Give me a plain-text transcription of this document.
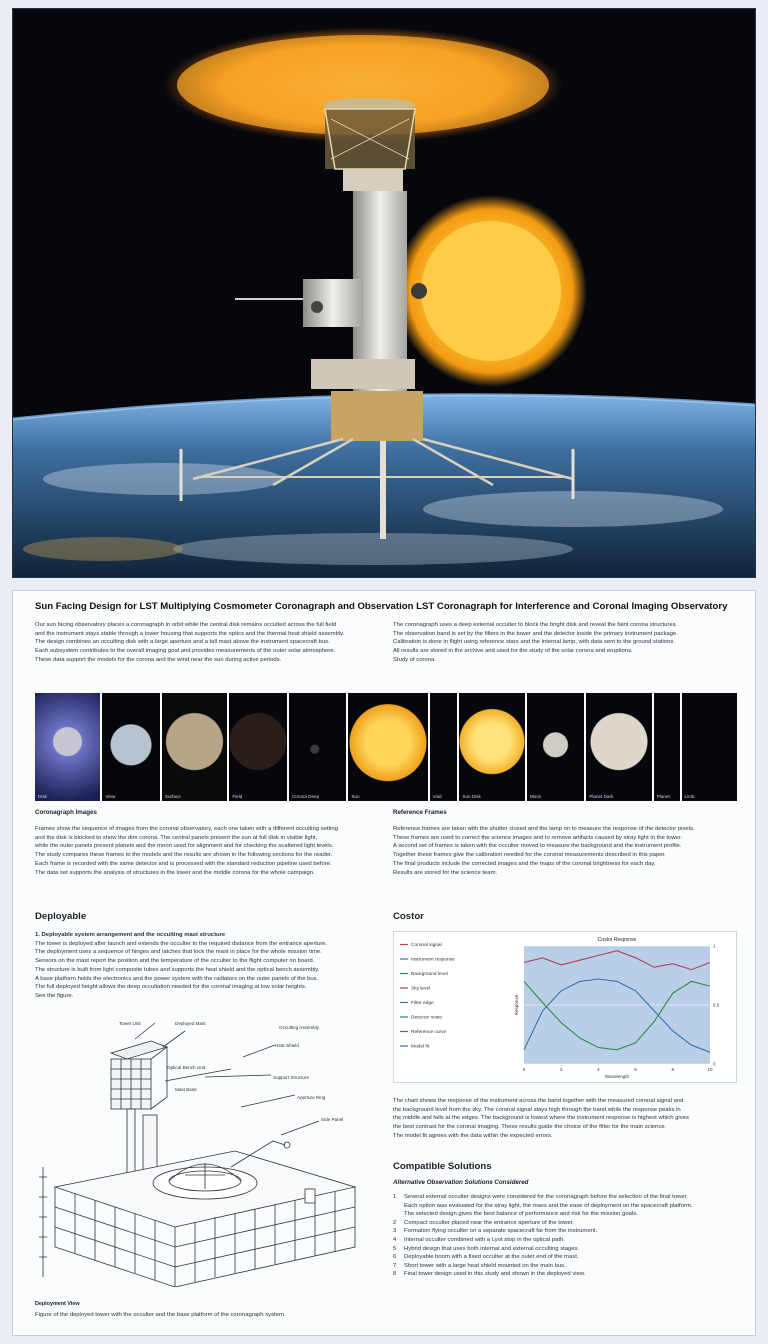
Sun Facing Design for LST Multiplying Cosmometer Coronagraph and Observation LST Coronagraph for Interference and Coronal Imaging Observatory
Our sun facing observatory places a coronagraph in orbit while the central disk remains occulted across the full field
and the instrument stays stable through a tower housing that supports the optics and the thermal heat shield assembly.
The design combines an occulting disk with a large aperture and a tall mast above the instrument spacecraft bus.
Each subsystem contributes to the overall imaging goal and provides measurements of the outer solar atmosphere.
These data support the models for the corona and the wind near the sun during active periods.
The coronagraph uses a deep external occulter to block the bright disk and reveal the faint corona structures.
The observation band is set by the filters in the tower and the detector inside the primary instrument package.
Calibration is done in flight using reference stars and the internal lamp, with data sent to the ground stations.
All results are stored in the archive and used for the study of the solar corona and eruptions.
Study of corona.
Disk	View	Surface	Field	Corona Deep	Sun	Void	Sun Disk	Moon	Planet Dark	Planet	Limb
Coronagraph Images	Reference Frames
Frames show the sequence of images from the coronal observatory, each one taken with a different occulting setting
and the disk is blocked to show the dim corona. The central panels present the sun at full disk in visible light,
while the outer panels present planets and the moon used for alignment and for checking the scattered light levels.
The study compares these frames to the models and the results are shown in the following sections for the reader.
Each frame is recorded with the same detector and is processed with the standard reduction pipeline used before.
The data set supports the analysis of structures in the lower and the middle corona for the whole campaign.
Reference frames are taken with the shutter closed and the lamp on to measure the response of the detector pixels.
These frames are used to correct the science images and to remove artifacts caused by stray light in the tower.
A second set of frames is taken with the occulter moved to measure the background and the instrument profile.
Together these frames give the calibration needed for the coronal measurements described in this paper.
The final products include the corrected images and the maps of the coronal brightness for each day.
Results are stored for the science team.
Deployable	Costor
1. Deployable system arrangement and the occulting mast structure
The tower is deployed after launch and extends the occulter to the required distance from the entrance aperture.
The deployment uses a sequence of hinges and latches that lock the mast in place for the whole mission time.
Sensors on the mast report the position and the temperature of the occulter to the flight computer on board.
The structure is built from light composite tubes and supports the heat shield and the optical bench assembly.
A base platform holds the electronics and the power system with the radiators on the outer panels of the bus.
The full deployed height allows the deep occultation needed for the coronal imaging at low solar heights.
See the figure.
Tower Unit	Deployed Mast
Occulting Assembly
Heat Shield
Optical Bench Unit
Mast Base
Support Structure
Aperture Ring
Side Panel
Deployment View
Figure of the deployed tower with the occulter and the base platform of the coronagraph system.
Costor Response
0
0.5
1
0	2	4	6	8	10
Wavelength
Response
Coronal signal
Instrument response
Background level
Sky level
Filter edge
Detector noise
Reference curve
Model fit
The chart shows the response of the instrument across the band together with the measured coronal signal and
the background level from the sky. The coronal signal stays high through the band while the response peaks in
the middle and falls at the edges. The background is lowest where the instrument response is highest which gives
the best contrast for the coronal imaging. These results guide the choice of the filter for the main science.
The model fit agrees with the data within the expected errors.
Compatible Solutions
Alternative Observation Solutions Considered
1	Several external occulter designs were considered for the coronagraph before the selection of the final tower.
Each option was evaluated for the stray light, the mass and the ease of deployment on the spacecraft platform.
The selected design gives the best balance of performance and risk for the mission goals.
2	Compact occulter placed near the entrance aperture of the tower.
3	Formation flying occulter on a separate spacecraft far from the instrument.
4	Internal occulter combined with a Lyot stop in the optical path.
5	Hybrid design that uses both internal and external occulting stages.
6	Deployable boom with a fixed occulter at the outer end of the mast.
7	Short tower with a large heat shield mounted on the main bus.
8	Final tower design used in this study and shown in the deployed view.
